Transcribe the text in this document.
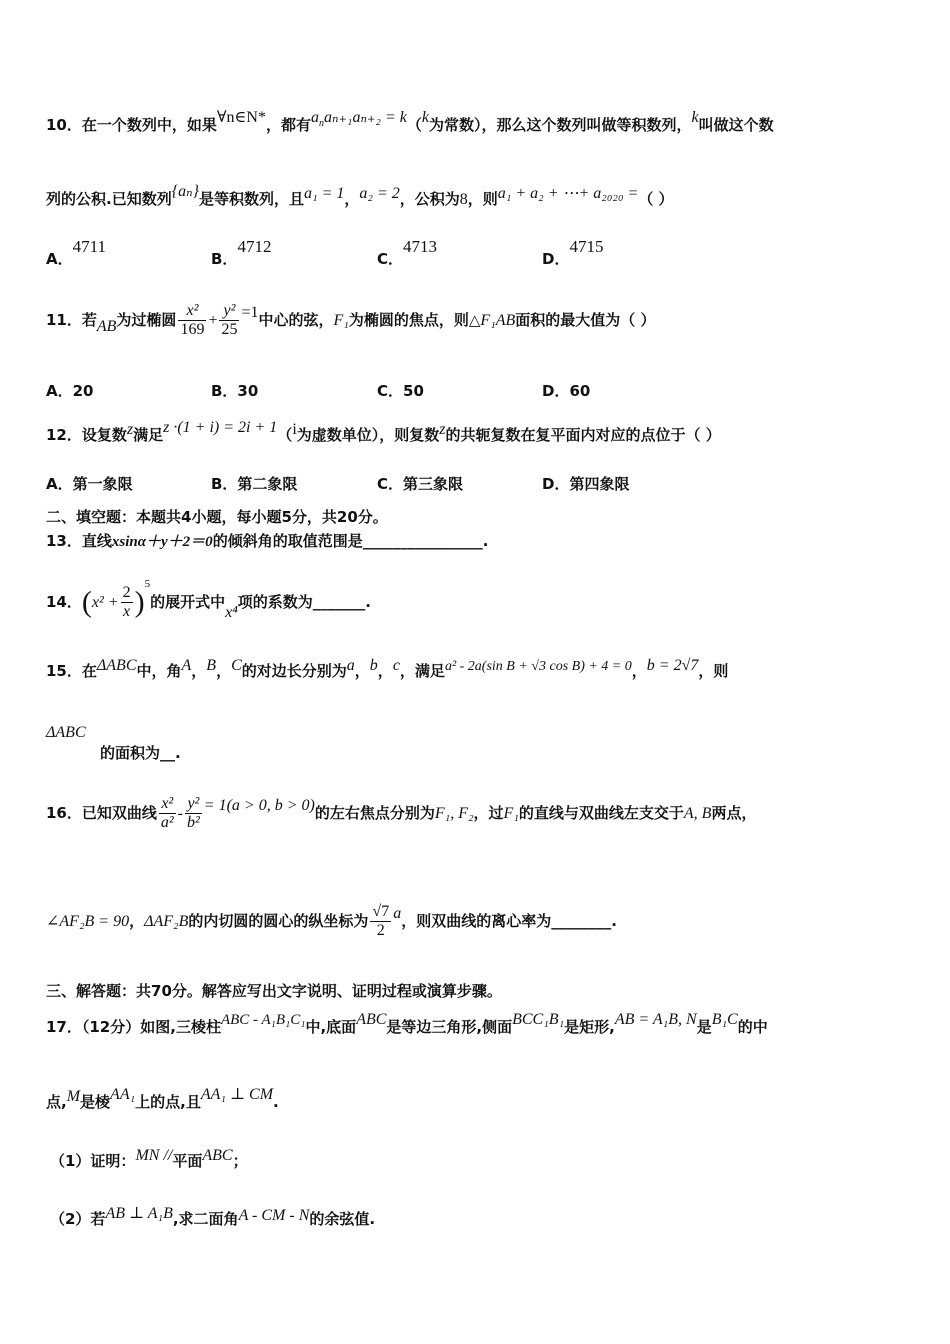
10．在一个数列中，如果∀n∈N*，都有$a_na_{n+1}a_{n+2} = k(k$为常数），那么这个数列叫做等积数列，k叫做这个数
列的公积.已知数列{aₙ}是等积数列，且a₁ = 1，a₂ = 2，公积为8，则a₁ + a₂ + ⋯+ a₂₀₂₀ =（ ）
A．4711
B．4712
C．4713
D．4715
11．若AB为过椭圆 $\frac{\text{x²}}{169} + \frac{\text{y²}}{25} =1$中心的弦，F₁为椭圆的焦点，则△F₁AB面积的最大值为（ ）
A．20	B．30	C．50	D．60
12．设复数z满足z ·(1 + i) = 2i + 1（i为虚数单位），则复数z的共轭复数在复平面内对应的点位于（ ）
A．第一象限	B．第二象限	C．第三象限	D．第四象限
二、填空题：本题共4小题，每小题5分，共20分。
13．直线xsinα＋y＋2＝0的倾斜角的取值范围是________________.
14．$(x^2 + \frac{2}{x} )^5$的展开式中x⁴项的系数为_______.
15．在ΔABC中，角A，B，C的对边长分别为a，b，c，满足a² - 2a(sin B + √3 cos B) + 4 = 0，b = 2√7，则
ΔABC
的面积为__.
16．已知双曲线 $\frac{\text{x²}}{\text{a²}} - \frac{\text{y²}}{\text{b²}} = 1(a > 0$, b > 0)的左右焦点分别为F₁, F₂，过F₁的直线与双曲线左支交于A, B两点，
∠AF₂B = 90，ΔAF₂B的内切圆的圆心的纵坐标为 $\frac{√7}{2}$ a，则双曲线的离心率为________.
三、解答题：共70分。解答应写出文字说明、证明过程或演算步骤。
17．（12分）如图,三棱柱ABC - A₁B₁C₁中,底面ABC是等边三角形,侧面BCC₁B₁是矩形,AB = A₁B, N是B₁C的中
点,M是棱AA₁上的点,且AA₁ ⊥ CM.
（1）证明：MN //平面ABC；
（2）若AB ⊥ A₁B,求二面角A - CM - N的余弦值.
